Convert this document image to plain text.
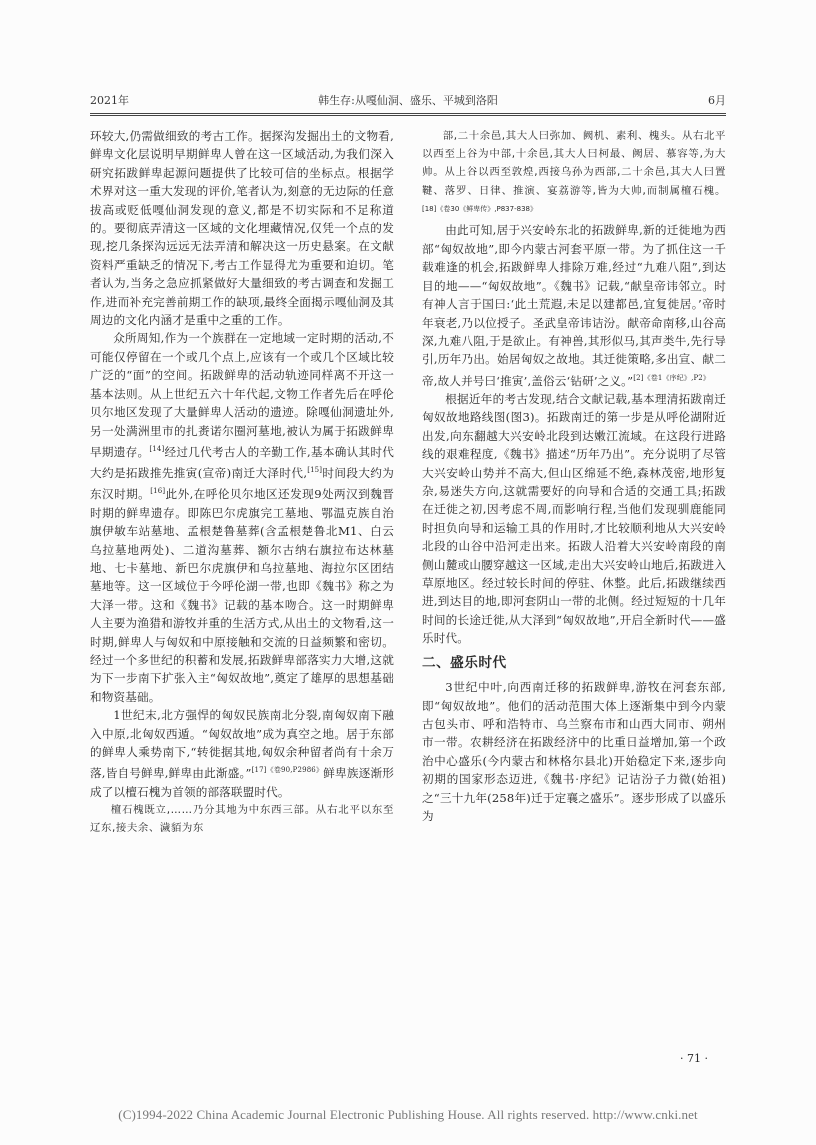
2021年	韩生存:从嘎仙洞、盛乐、平城到洛阳	6月

环较大,仍需做细致的考古工作。据探沟发掘出土的文物看,鲜卑文化层说明早期鲜卑人曾在这一区域活动,为我们深入研究拓跋鲜卑起源问题提供了比较可信的坐标点。根据学术界对这一重大发现的评价,笔者认为,刻意的无边际的任意拔高或贬低嘎仙洞发现的意义,都是不切实际和不足称道的。要彻底弄清这一区域的文化埋藏情况,仅凭一个点的发现,挖几条探沟远远无法弄清和解决这一历史悬案。在文献资料严重缺乏的情况下,考古工作显得尤为重要和迫切。笔者认为,当务之急应抓紧做好大量细致的考古调查和发掘工作,进而补充完善前期工作的缺项,最终全面揭示嘎仙洞及其周边的文化内涵才是重中之重的工作。

众所周知,作为一个族群在一定地域一定时期的活动,不可能仅停留在一个或几个点上,应该有一个或几个区域比较广泛的“面”的空间。拓跋鲜卑的活动轨迹同样离不开这一基本法则。从上世纪五六十年代起,文物工作者先后在呼伦贝尔地区发现了大量鲜卑人活动的遗迹。除嘎仙洞遗址外,另一处满洲里市的扎赉诺尔圈河墓地,被认为属于拓跋鲜卑早期遗存。[14]经过几代考古人的辛勤工作,基本确认其时代大约是拓跋推先推寅(宣帝)南迁大泽时代,[15]时间段大约为东汉时期。[16]此外,在呼伦贝尔地区还发现9处两汉到魏晋时期的鲜卑遗存。即陈巴尔虎旗完工墓地、鄂温克族自治旗伊敏车站墓地、孟根楚鲁墓葬(含孟根楚鲁北M1、白云乌拉墓地两处)、二道沟墓葬、额尔古纳右旗拉布达林墓地、七卡墓地、新巴尔虎旗伊和乌拉墓地、海拉尔区团结墓地等。这一区域位于今呼伦湖一带,也即《魏书》称之为大泽一带。这和《魏书》记载的基本吻合。这一时期鲜卑人主要为渔猎和游牧并重的生活方式,从出土的文物看,这一时期,鲜卑人与匈奴和中原接触和交流的日益频繁和密切。经过一个多世纪的积蓄和发展,拓跋鲜卑部落实力大增,这就为下一步南下扩张入主“匈奴故地”,奠定了雄厚的思想基础和物资基础。

1世纪末,北方强悍的匈奴民族南北分裂,南匈奴南下融入中原,北匈奴西遁。“匈奴故地”成为真空之地。居于东部的鲜卑人乘势南下,“转徙据其地,匈奴余种留者尚有十余万落,皆自号鲜卑,鲜卑由此渐盛。”$^{[17]《卷90,P2986》}$鲜卑族逐渐形成了以檀石槐为首领的部落联盟时代。

檀石槐既立,……乃分其地为中东西三部。从右北平以东至辽东,接夫余、濊貊为东

部,二十余邑,其大人曰弥加、阙机、素利、槐头。从右北平以西至上谷为中部,十余邑,其大人曰柯最、阙居、慕容等,为大帅。从上谷以西至敦煌,西接乌孙为西部,二十余邑,其大人曰置鞬、落罗、日律、推演、宴荔游等,皆为大帅,而制属檀石槐。$^{[18]《卷30《鲜卑传》,P837-838》}$

由此可知,居于兴安岭东北的拓跋鲜卑,新的迁徙地为西部“匈奴故地”,即今内蒙古河套平原一带。为了抓住这一千载难逢的机会,拓跋鲜卑人排除万难,经过“九难八阻”,到达目的地——“匈奴故地”。《魏书》记载,“献皇帝讳邻立。时有神人言于国曰:‘此土荒遐,未足以建都邑,宜复徙居。’帝时年衰老,乃以位授子。圣武皇帝讳诘汾。献帝命南移,山谷高深,九难八阻,于是欲止。有神兽,其形似马,其声类牛,先行导引,历年乃出。始居匈奴之故地。其迁徙策略,多出宣、献二帝,故人并号曰‘推寅’,盖俗云‘钻研’之义。”$^{[2]《卷1《序纪》,P2》}$

根据近年的考古发现,结合文献记载,基本理清拓跋南迁匈奴故地路线图(图3)。拓跋南迁的第一步是从呼伦湖附近出发,向东翻越大兴安岭北段到达嫩江流域。在这段行进路线的艰难程度,《魏书》描述“历年乃出”。充分说明了尽管大兴安岭山势并不高大,但山区绵延不绝,森林茂密,地形复杂,易迷失方向,这就需要好的向导和合适的交通工具;拓跋在迁徙之初,因考虑不周,而影响行程,当他们发现驯鹿能同时担负向导和运输工具的作用时,才比较顺利地从大兴安岭北段的山谷中沿河走出来。拓跋人沿着大兴安岭南段的南侧山麓或山腰穿越这一区域,走出大兴安岭山地后,拓跋进入草原地区。经过较长时间的停驻、休整。此后,拓跋继续西进,到达目的地,即河套阴山一带的北侧。经过短短的十几年时间的长途迁徙,从大泽到“匈奴故地”,开启全新时代——盛乐时代。

二、盛乐时代

3世纪中叶,向西南迁移的拓跋鲜卑,游牧在河套东部,即“匈奴故地”。他们的活动范围大体上逐渐集中到今内蒙古包头市、呼和浩特市、乌兰察布市和山西大同市、朔州市一带。农耕经济在拓跋经济中的比重日益增加,第一个政治中心盛乐(今内蒙古和林格尔县北)开始稳定下来,逐步向初期的国家形态迈进,《魏书·序纪》记诘汾子力微(始祖)之“三十九年(258年)迁于定襄之盛乐”。逐步形成了以盛乐为

· 71 ·
(C)1994-2022 China Academic Journal Electronic Publishing House. All rights reserved. http://www.cnki.net
